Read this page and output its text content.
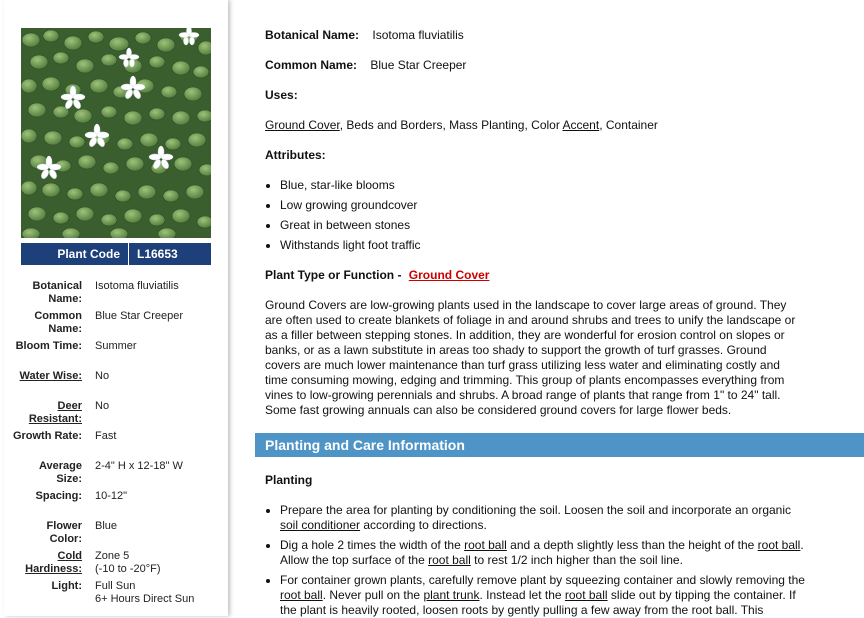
Plant Code	L16653
Botanical Name:
Isotoma fluviatilis
Common Name:
Blue Star Creeper
Bloom Time: Summer
Water Wise: No
Deer Resistant:
No
Growth Rate: Fast
Average Size:
2-4" H x 12-18" W
Spacing: 10-12"
Flower Color:
Blue
Cold Hardiness:
Zone 5
(-10 to -20°F)
Light: Full Sun
6+ Hours Direct Sun
Botanical Name: Isotoma fluviatilis
Common Name: Blue Star Creeper
Uses:
Ground Cover, Beds and Borders, Mass Planting, Color Accent, Container
Attributes:
Blue, star-like blooms
Low growing groundcover
Great in between stones
Withstands light foot traffic
Plant Type or Function - Ground Cover
Ground Covers are low-growing plants used in the landscape to cover large areas of ground. They
are often used to create blankets of foliage in and around shrubs and trees to unify the landscape or
as a filler between stepping stones. In addition, they are wonderful for erosion control on slopes or
banks, or as a lawn substitute in areas too shady to support the growth of turf grasses. Ground
covers are much lower maintenance than turf grass utilizing less water and eliminating costly and
time consuming mowing, edging and trimming. This group of plants encompasses everything from
vines to low-growing perennials and shrubs. A broad range of plants that range from 1" to 24" tall.
Some fast growing annuals can also be considered ground covers for large flower beds.
Planting and Care Information
Planting
Prepare the area for planting by conditioning the soil. Loosen the soil and incorporate an organic
soil conditioner according to directions.
Dig a hole 2 times the width of the root ball and a depth slightly less than the height of the root ball.
Allow the top surface of the root ball to rest 1/2 inch higher than the soil line.
For container grown plants, carefully remove plant by squeezing container and slowly removing the
root ball. Never pull on the plant trunk. Instead let the root ball slide out by tipping the container. If
the plant is heavily rooted, loosen roots by gently pulling a few away from the root ball. This
